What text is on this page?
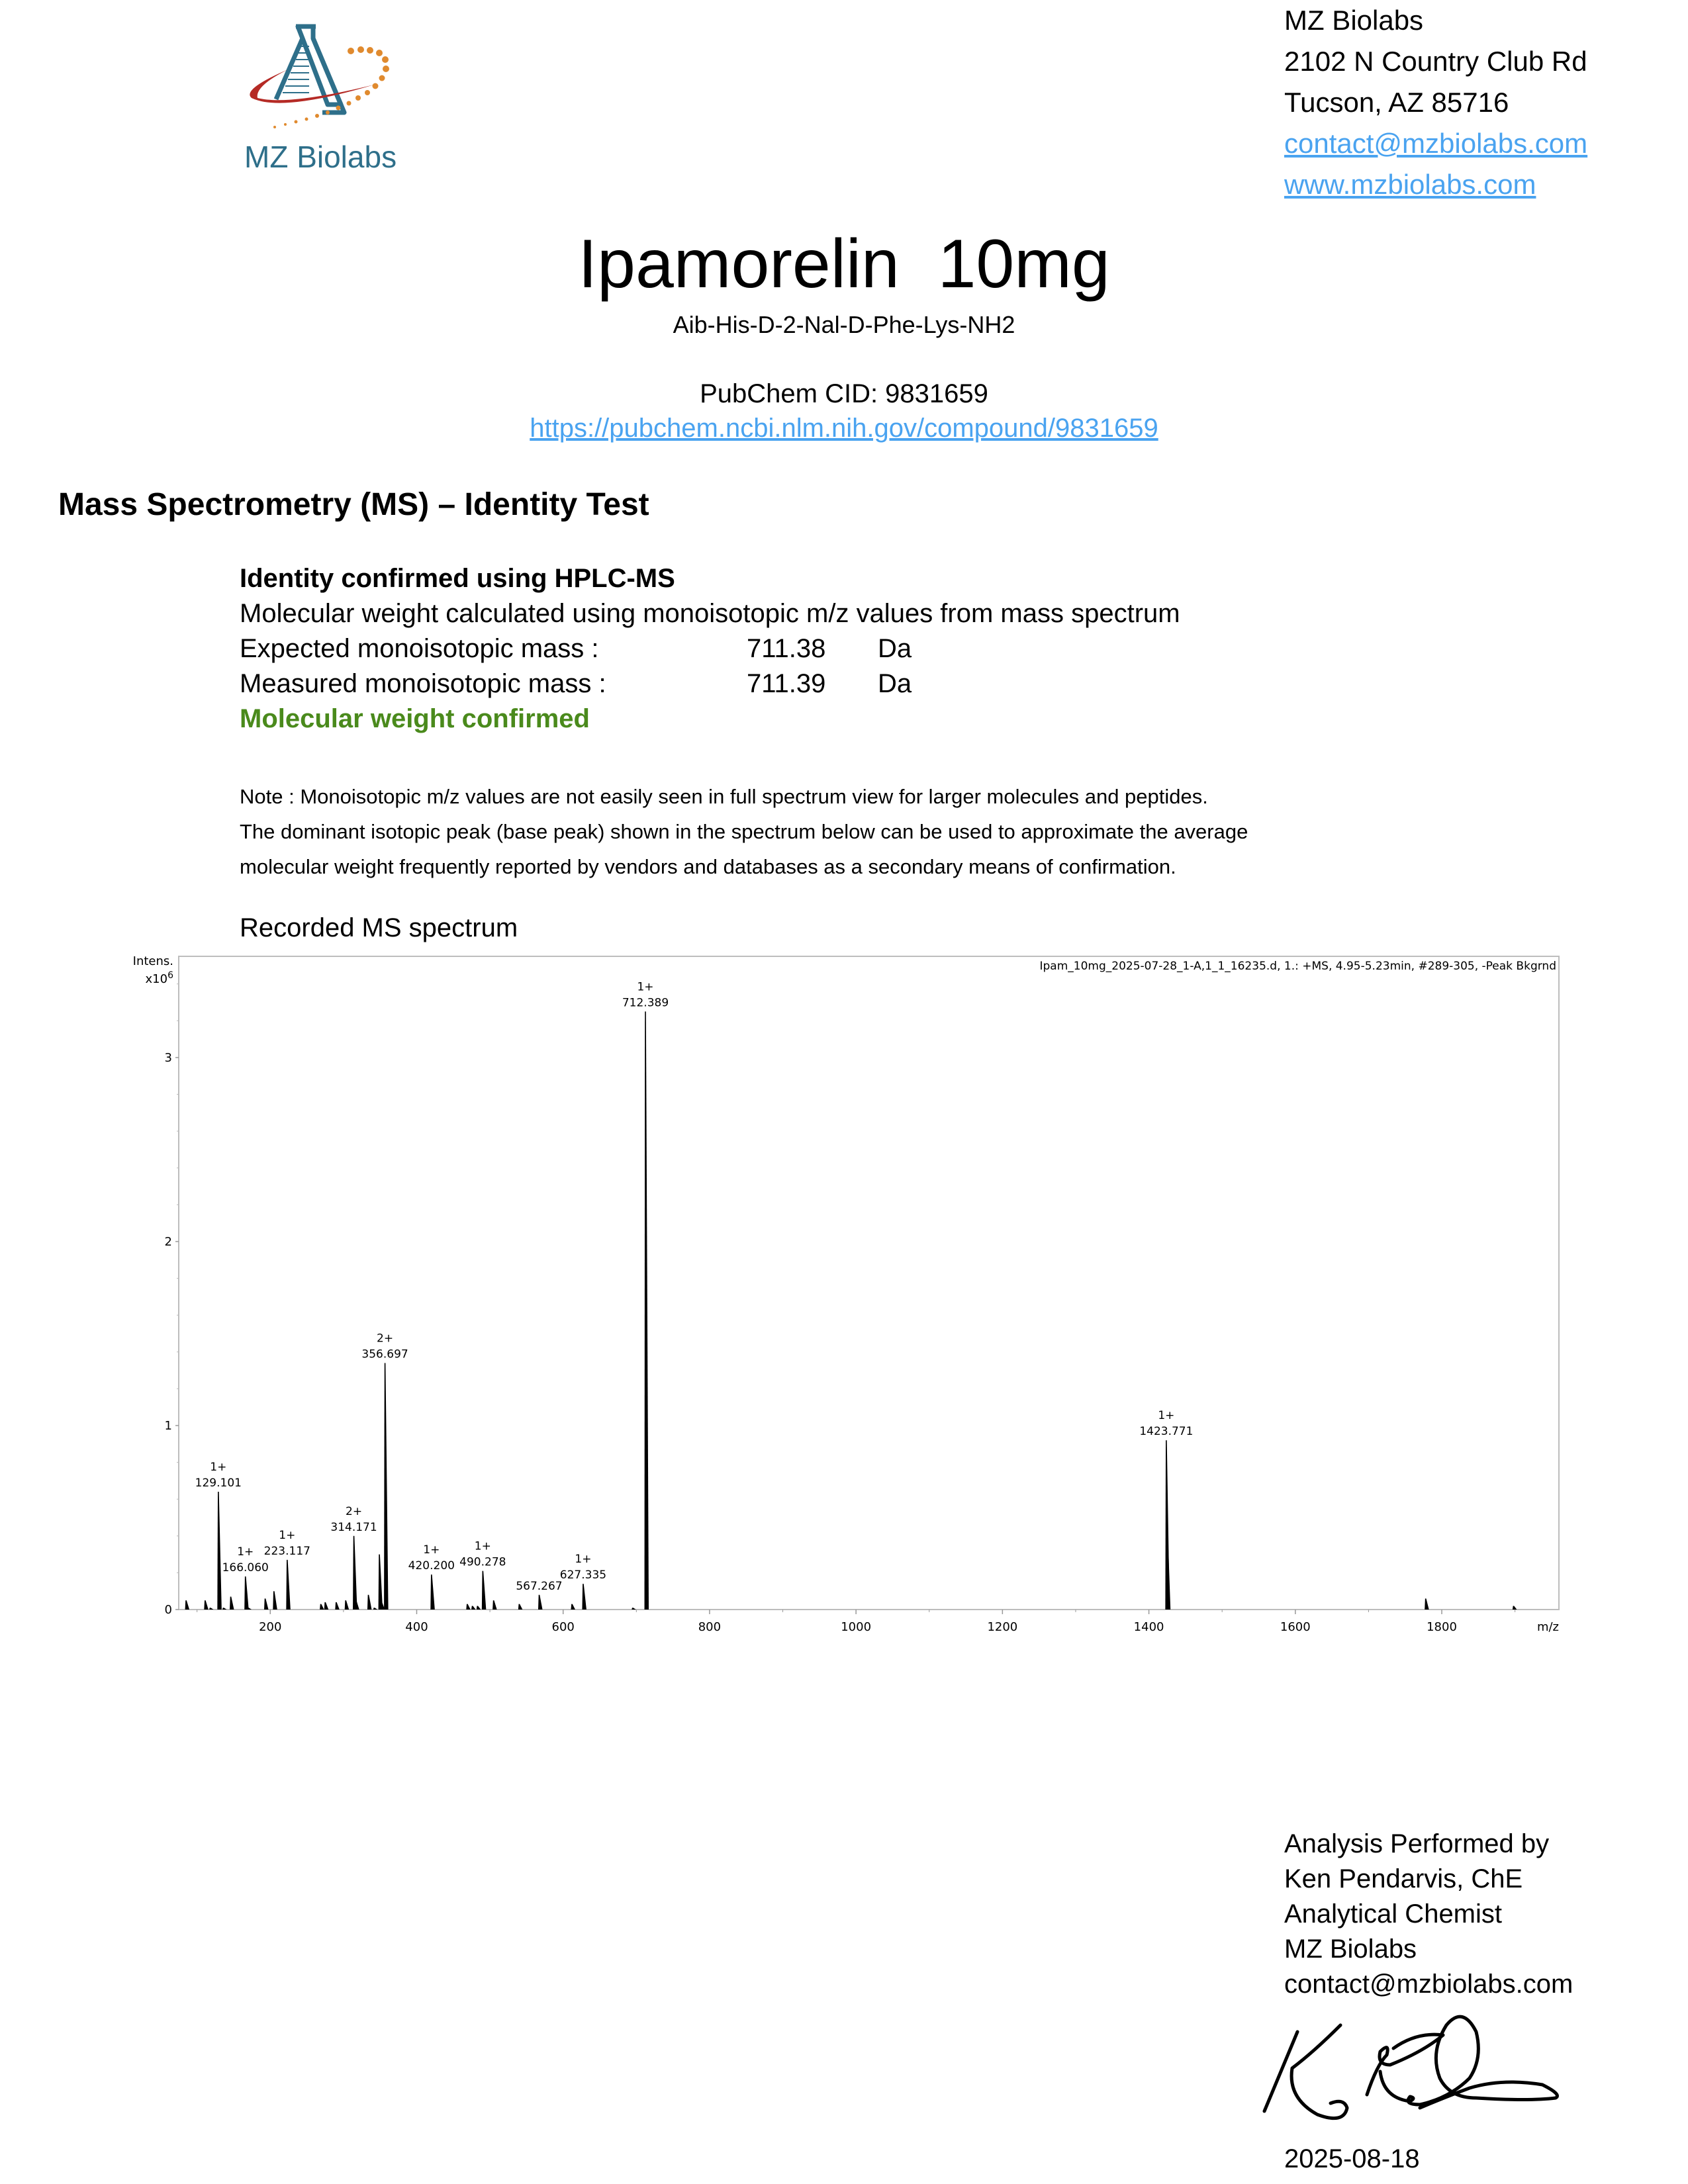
MZ Biolabs
MZ Biolabs
2102 N Country Club Rd
Tucson, AZ 85716
contact@mzbiolabs.com
www.mzbiolabs.com
Ipamorelin  10mg
Aib-His-D-2-Nal-D-Phe-Lys-NH2
PubChem CID: 9831659
https://pubchem.ncbi.nlm.nih.gov/compound/9831659
Mass Spectrometry (MS) – Identity Test
Identity confirmed using HPLC-MS
Molecular weight calculated using monoisotopic m/z values from mass spectrum
Expected monoisotopic mass :	711.38	Da
Measured monoisotopic mass :	711.39	Da
Molecular weight confirmed
Note : Monoisotopic m/z values are not easily seen in full spectrum view for larger molecules and peptides.
The dominant isotopic peak (base peak) shown in the spectrum below can be used to approximate the average
molecular weight frequently reported by vendors and databases as a secondary means of confirmation.
Recorded MS spectrum
Ipam_10mg_2025-07-28_1-A,1_1_16235.d, 1.: +MS, 4.95-5.23min, #289-305, -Peak Bkgrnd
Intens.
$x10^6$
m/z
200	400	600	800	1000	1200	1400	1600	1800
0
1
2
3
129.101
1+
166.060
1+ 223.117
1+
314.171
2+
356.697
2+
420.200
1+
490.278
1+
567.267
627.335
1+
712.389
1+
1423.771
1+
Analysis Performed by
Ken Pendarvis, ChE
Analytical Chemist
MZ Biolabs
contact@mzbiolabs.com
2025-08-18
